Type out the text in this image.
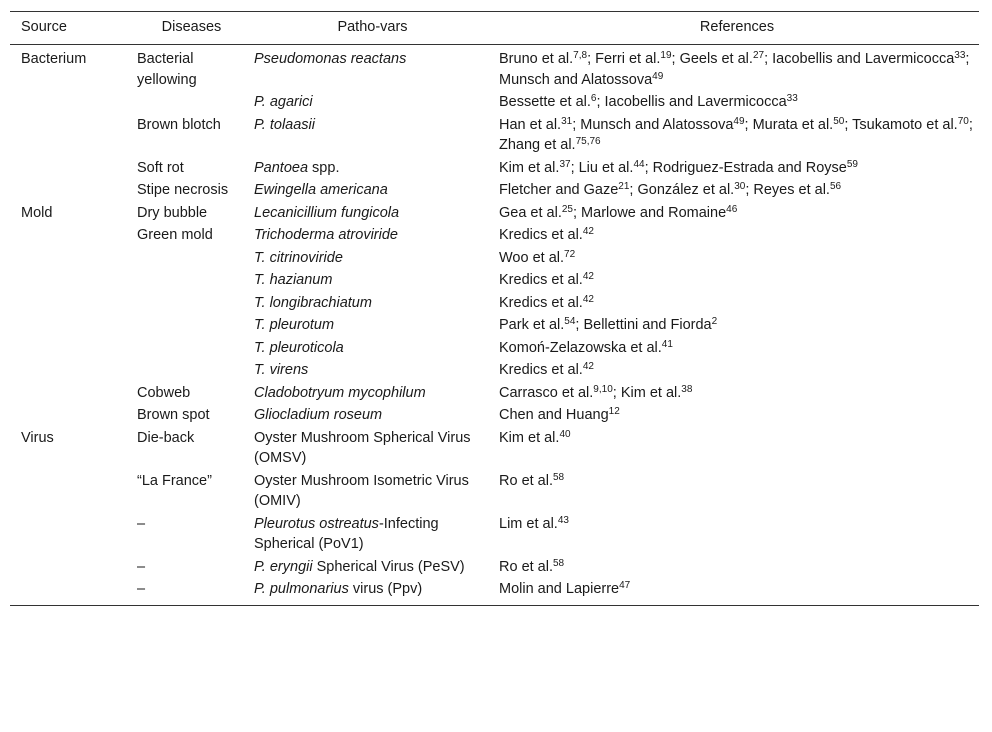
Source	Diseases	Patho-vars	References
Bacterium	Bacterial yellowing	Pseudomonas reactans	Bruno et al.$^{7,8}$; Ferri et al.$^{19}$; Geels et al.$^{27}$; Iacobellis and Lavermicocca$^{33}$; Munsch and Alatossova$^{49}$
		P. agarici	Bessette et al.$^6$; Iacobellis and Lavermicocca$^{33}$
	Brown blotch	P. tolaasii	Han et al.$^{31}$; Munsch and Alatossova$^{49}$; Murata et al.$^{50}$; Tsukamoto et al.$^{70}$; Zhang et al.$^{75,76}$
	Soft rot	Pantoea spp.	Kim et al.$^{37}$; Liu et al.$^{44}$; Rodriguez-Estrada and Royse$^{59}$
	Stipe necrosis	Ewingella americana	Fletcher and Gaze$^{21}$; González et al.$^{30}$; Reyes et al.$^{56}$
Mold	Dry bubble	Lecanicillium fungicola	Gea et al.$^{25}$; Marlowe and Romaine$^{46}$
	Green mold	Trichoderma atroviride	Kredics et al.$^{42}$
		T. citrinoviride	Woo et al.$^{72}$
		T. hazianum	Kredics et al.$^{42}$
		T. longibrachiatum	Kredics et al.$^{42}$
		T. pleurotum	Park et al.$^{54}$; Bellettini and Fiorda$^2$
		T. pleuroticola	Komoń-Zelazowska et al.$^{41}$
		T. virens	Kredics et al.$^{42}$
	Cobweb	Cladobotryum mycophilum	Carrasco et al.$^{9,10}$; Kim et al.$^{38}$
	Brown spot	Gliocladium roseum	Chen and Huang$^{12}$
Virus	Die-back	Oyster Mushroom Spherical Virus (OMSV)	Kim et al.$^{40}$
	“La France”	Oyster Mushroom Isometric Virus (OMIV)	Ro et al.$^{58}$
	–	Pleurotus ostreatus-Infecting Spherical (PoV1)	Lim et al.$^{43}$
	–	P. eryngii Spherical Virus (PeSV)	Ro et al.$^{58}$
	–	P. pulmonarius virus (Ppv)	Molin and Lapierre$^{47}$
